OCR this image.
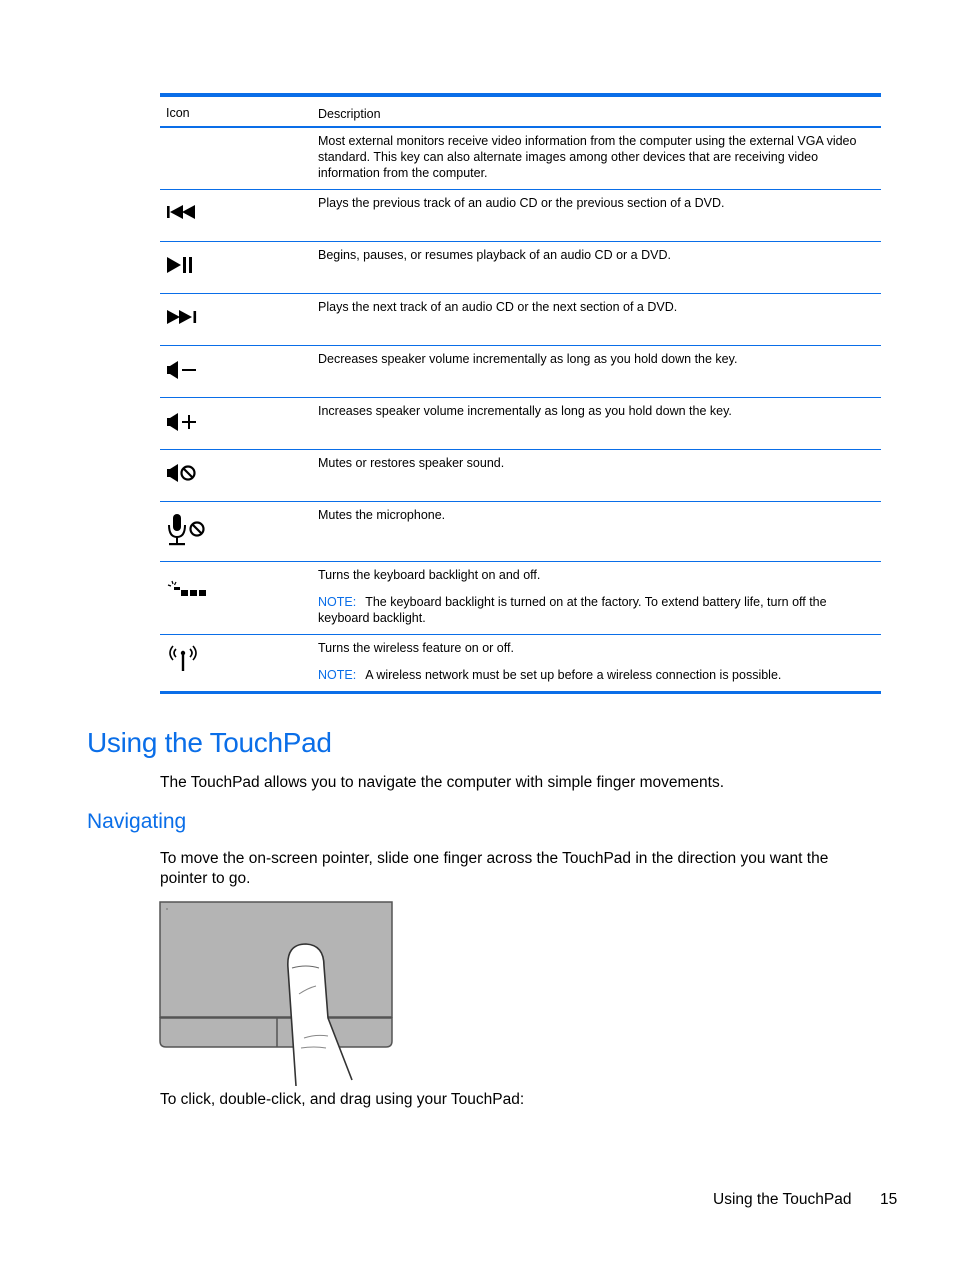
Icon	Description

Most external monitors receive video information from the computer using the external VGA video standard. This key can also alternate images among other devices that are receiving video information from the computer.

Plays the previous track of an audio CD or the previous section of a DVD.

Begins, pauses, or resumes playback of an audio CD or a DVD.

Plays the next track of an audio CD or the next section of a DVD.

Decreases speaker volume incrementally as long as you hold down the key.

Increases speaker volume incrementally as long as you hold down the key.

Mutes or restores speaker sound.

Mutes the microphone.

Turns the keyboard backlight on and off.

NOTE: The keyboard backlight is turned on at the factory. To extend battery life, turn off the keyboard backlight.

Turns the wireless feature on or off.

NOTE: A wireless network must be set up before a wireless connection is possible.

Using the TouchPad

The TouchPad allows you to navigate the computer with simple finger movements.

Navigating

To move the on-screen pointer, slide one finger across the TouchPad in the direction you want the pointer to go.

To click, double-click, and drag using your TouchPad:

Using the TouchPad 15
